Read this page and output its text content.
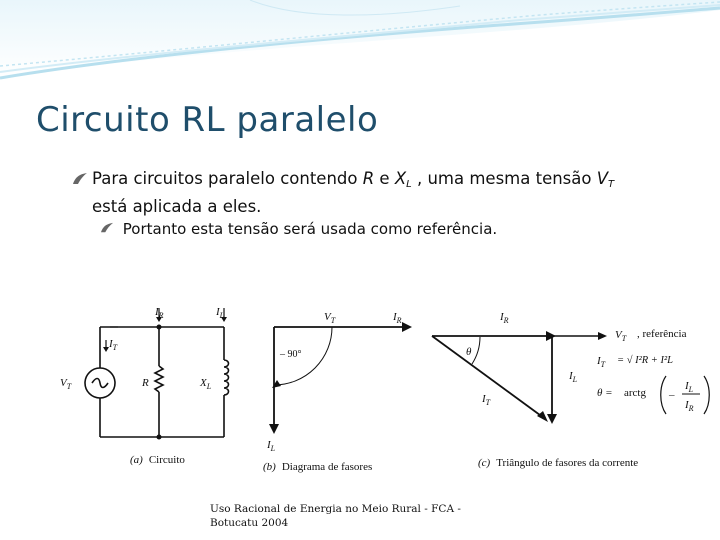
Circuito RL paralelo
Para circuitos paralelo contendo R e $X_L$ , uma mesma tensão $V_T$
está aplicada a eles.
Portanto esta tensão será usada como referência.
$I_R$	$I_L$
$I_T$
$V_T$	R	$X_L$
(a) Circuito
$V_T$	$I_R$
– 90°
$I_L$
(b) Diagrama de fasores
$I_R$
$V_T$ , referência
θ
$I_L$
$I_T$
$I_T$ = √ I²R + I²L
θ = arctg –
$I_L$
$I_R$
(c) Triângulo de fasores da corrente
Uso Racional de Energia no Meio Rural - FCA -
Botucatu 2004
